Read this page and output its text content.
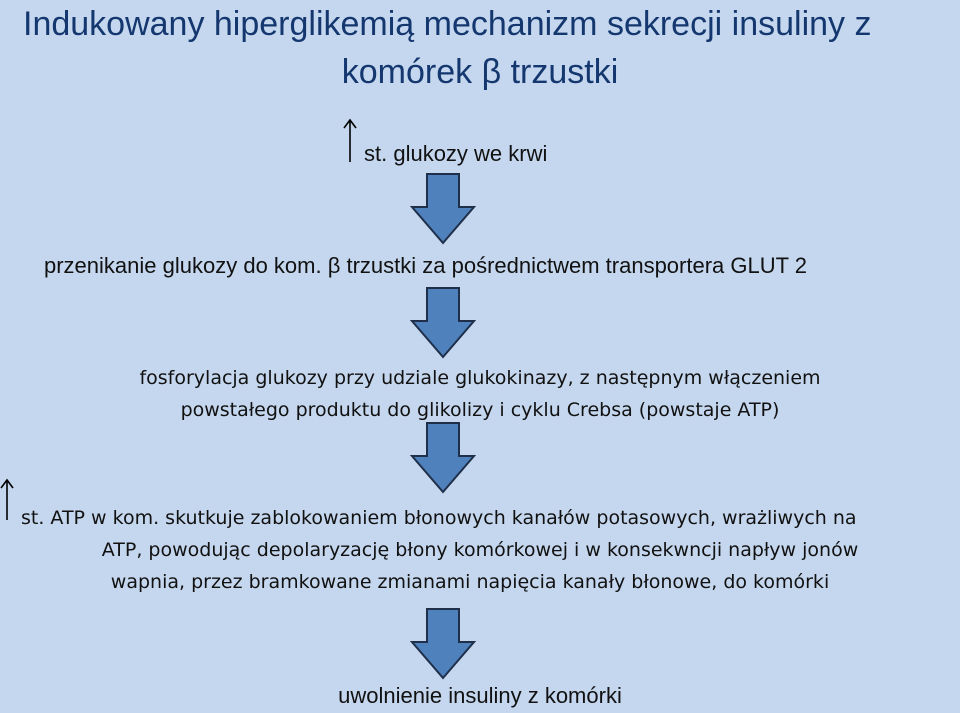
Indukowany hiperglikemią mechanizm sekrecji insuliny z
komórek β trzustki
st. glukozy we krwi
przenikanie glukozy do kom. β trzustki za pośrednictwem transportera GLUT 2
fosforylacja glukozy przy udziale glukokinazy, z następnym włączeniem
powstałego produktu do glikolizy i cyklu Crebsa (powstaje ATP)
st. ATP w kom. skutkuje zablokowaniem błonowych kanałów potasowych, wrażliwych na
ATP, powodując depolaryzację błony komórkowej i w konsekwncji napływ jonów
wapnia, przez bramkowane zmianami napięcia kanały błonowe, do komórki
uwolnienie insuliny z komórki
